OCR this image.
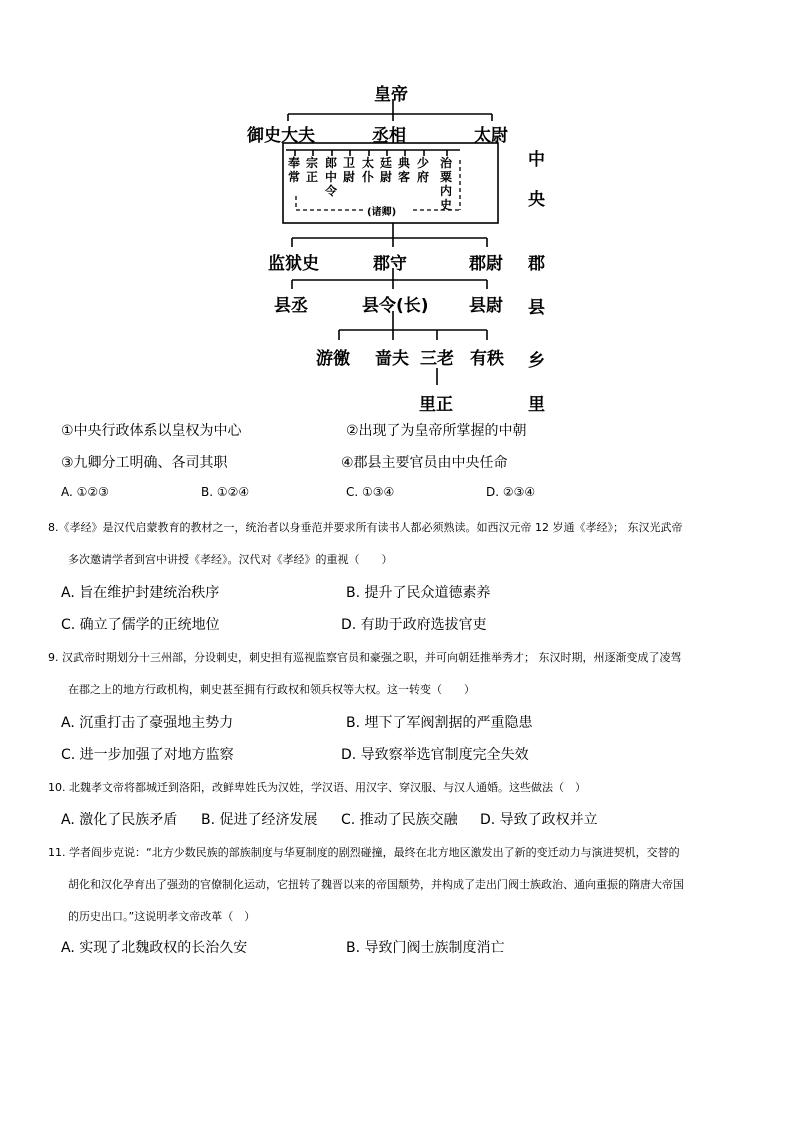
皇帝
御史大夫	丞相	太尉
奉常
宗正
郎中令
卫尉
太仆
廷尉
典客
少府
治粟内史
(诸卿)
监狱史	郡守	郡尉
县丞	县令(长) 县尉
游徼 啬夫 三老 有秩
里正
中
央
郡
县
乡
里
①中央行政体系以皇权为中心	②出现了为皇帝所掌握的中朝
③九卿分工明确、各司其职	④郡县主要官员由中央任命
A. ①②③	B. ①②④	C. ①③④	D. ②③④
8.《孝经》是汉代启蒙教育的教材之一，统治者以身垂范并要求所有读书人都必须熟读。如西汉元帝 12 岁通《孝经》； 东汉光武帝
多次邀请学者到宫中讲授《孝经》。汉代对《孝经》的重视（　　）
A. 旨在维护封建统治秩序	B. 提升了民众道德素养
C. 确立了儒学的正统地位	D. 有助于政府选拔官吏
9. 汉武帝时期划分十三州部，分设刺史，刺史担有巡视监察官员和豪强之职，并可向朝廷推举秀才； 东汉时期，州逐渐变成了凌驾
在郡之上的地方行政机构，刺史甚至拥有行政权和领兵权等大权。这一转变（　　）
A. 沉重打击了豪强地主势力	B. 埋下了军阀割据的严重隐患
C. 进一步加强了对地方监察	D. 导致察举选官制度完全失效
10. 北魏孝文帝将都城迁到洛阳，改鲜卑姓氏为汉姓，学汉语、用汉字、穿汉服、与汉人通婚。这些做法（　）
A. 激化了民族矛盾 B. 促进了经济发展 C. 推动了民族交融 D. 导致了政权并立
11. 学者阎步克说：“北方少数民族的部族制度与华夏制度的剧烈碰撞，最终在北方地区激发出了新的变迁动力与演进契机，交替的
胡化和汉化孕育出了强劲的官僚制化运动，它扭转了魏晋以来的帝国颓势，并构成了走出门阀士族政治、通向重振的隋唐大帝国
的历史出口。”这说明孝文帝改革（　）
A. 实现了北魏政权的长治久安	B. 导致门阀士族制度消亡
